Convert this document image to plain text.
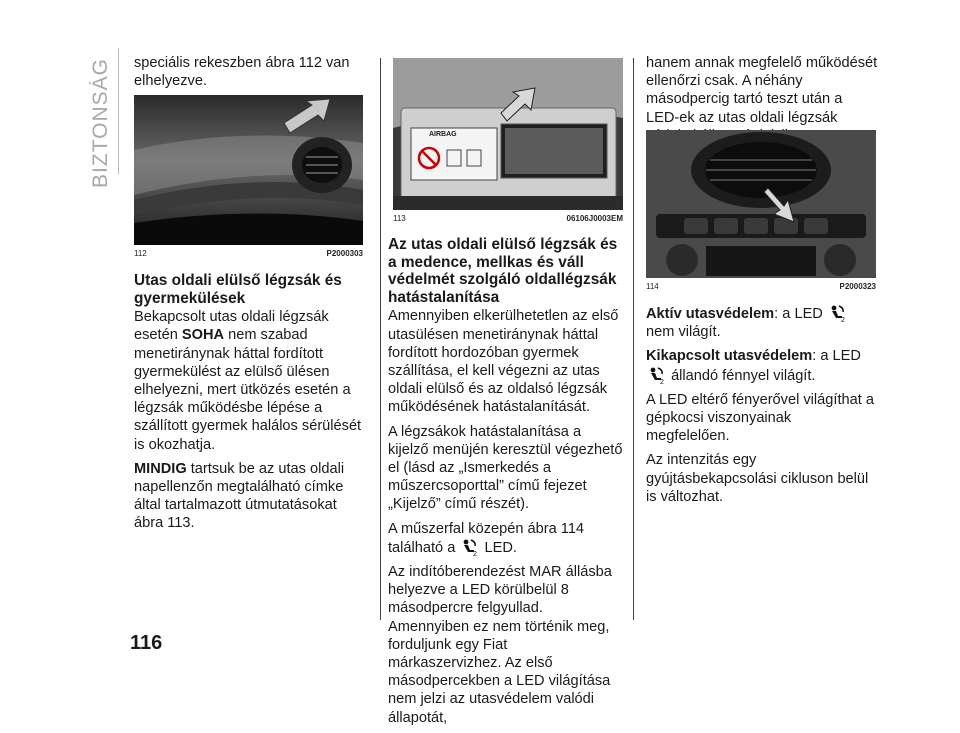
BIZTONSÁG speciális rekeszben ábra 112 van elhelyezve.

112	P2000303
Utas oldali elülső légzsák és gyermekülések

Bekapcsolt utas oldali légzsák esetén SOHA nem szabad menetiránynak háttal fordított gyermekülést az elülső ülésen elhelyezni, mert ütközés esetén a légzsák működésbe lépése a szállított gyermek halálos sérülését is okozhatja.

MINDIG tartsuk be az utas oldali napellenzőn megtalálható címke által tartalmazott útmutatásokat ábra 113.

AIRBAG
113	06106J0003EM
Az utas oldali elülső légzsák és a medence, mellkas és váll védelmét szolgáló oldallégzsák hatástalanítása

Amennyiben elkerülhetetlen az első utasülésen menetiránynak háttal fordított hordozóban gyermek szállítása, el kell végezni az utas oldali elülső és az oldalsó légzsák működésének hatástalanítását.

A légzsákok hatástalanítása a kijelző menüjén keresztül végezhető el (lásd az „Ismerkedés a műszercsoporttal” című fejezet „Kijelző” című részét).

A műszerfal közepén ábra 114 található a	2 LED.

Az indítóberendezést MAR állásba helyezve a LED körülbelül 8 másodpercre felgyullad. Amennyiben ez nem történik meg, forduljunk egy Fiat márkaszervizhez. Az első másodpercekben a LED világítása nem jelzi az utasvédelem valódi állapotát,

hanem annak megfelelő működését ellenőrzi csak. A néhány másodpercig tartó teszt után a LED-ek az utas oldali légzsák

114	P2000323

Aktív utasvédelem: a LED	2
nem világít.

Kikapcsolt utasvédelem: a LED
2 állandó fénnyel világít.

A LED eltérő fényerővel világíthat a gépkocsi viszonyainak megfelelően.

Az intenzitás egy gyújtásbekapcsolási cikluson belül is változhat.

116
